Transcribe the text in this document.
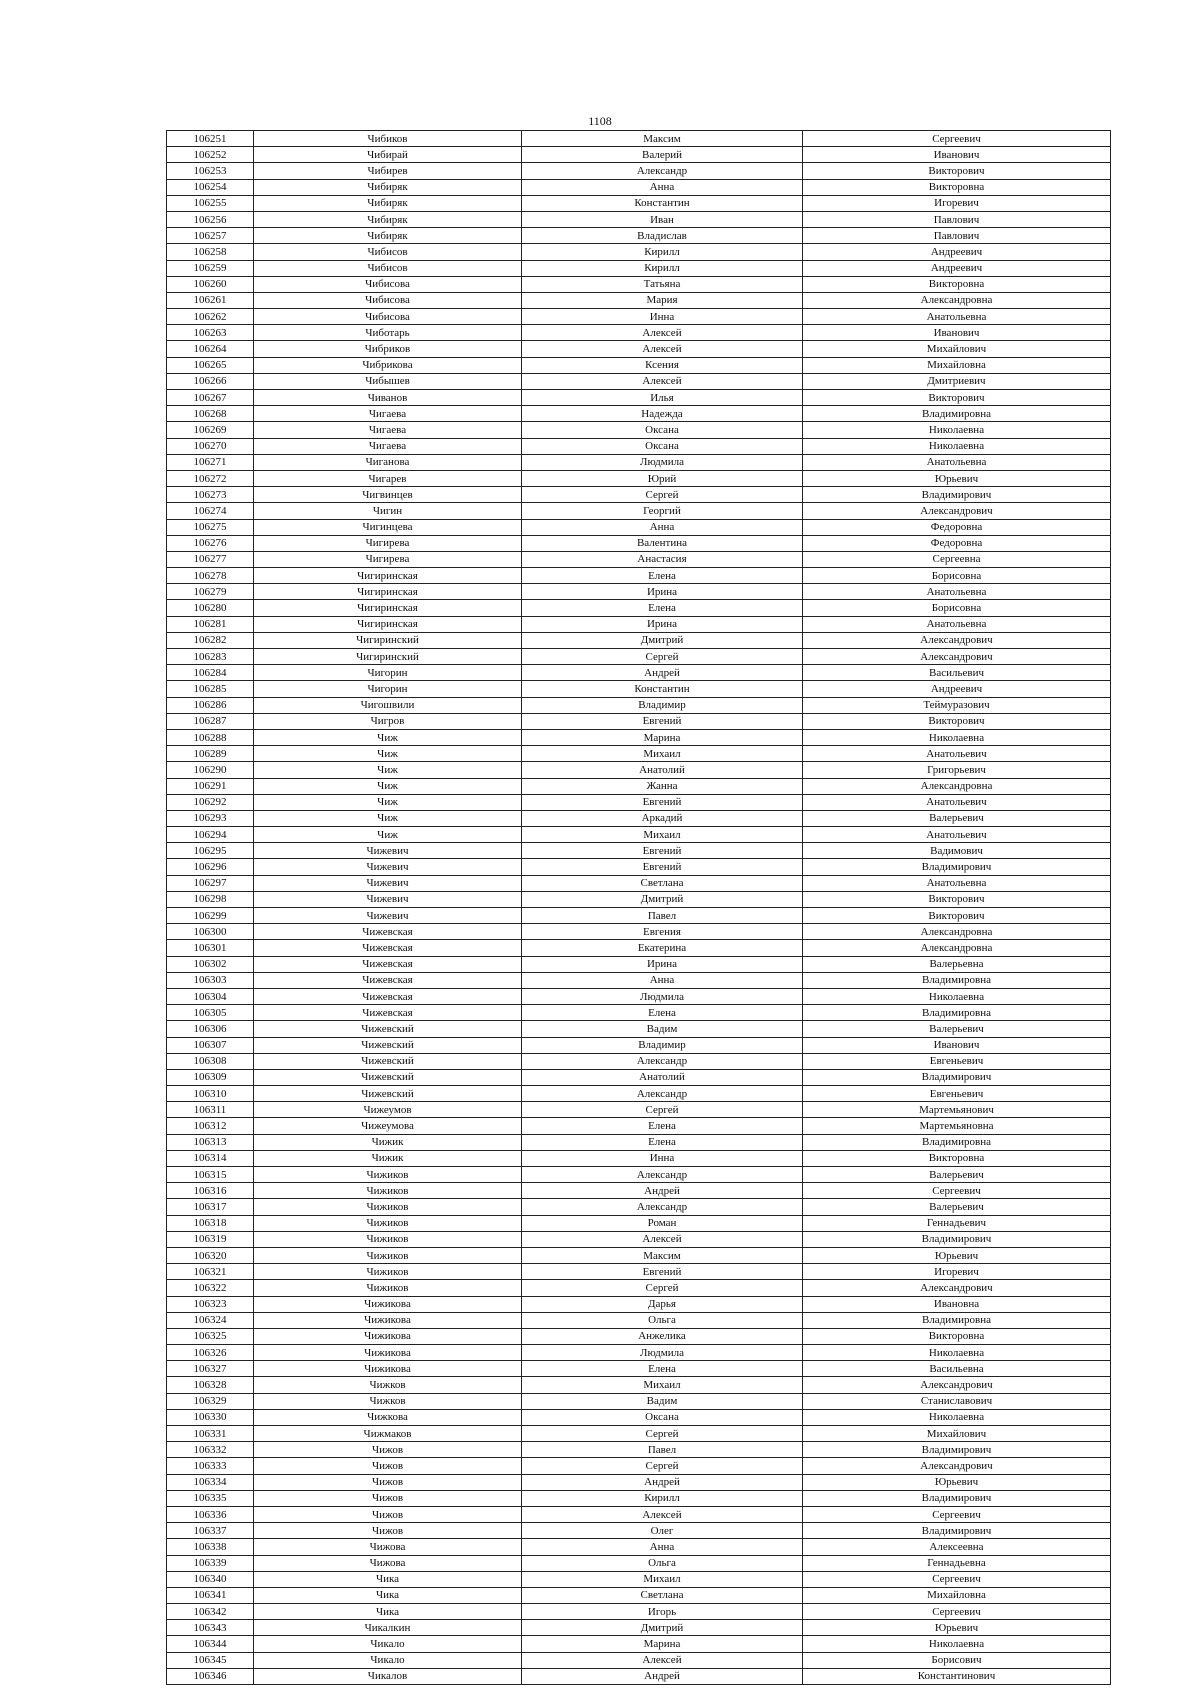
1108
106251	Чибиков	Максим	Сергеевич
106252	Чибирай	Валерий	Иванович
106253	Чибирев	Александр	Викторович
106254	Чибиряк	Анна	Викторовна
106255	Чибиряк	Константин	Игоревич
106256	Чибиряк	Иван	Павлович
106257	Чибиряк	Владислав	Павлович
106258	Чибисов	Кирилл	Андреевич
106259	Чибисов	Кирилл	Андреевич
106260	Чибисова	Татьяна	Викторовна
106261	Чибисова	Мария	Александровна
106262	Чибисова	Инна	Анатольевна
106263	Чиботарь	Алексей	Иванович
106264	Чибриков	Алексей	Михайлович
106265	Чибрикова	Ксения	Михайловна
106266	Чибышев	Алексей	Дмитриевич
106267	Чиванов	Илья	Викторович
106268	Чигаева	Надежда	Владимировна
106269	Чигаева	Оксана	Николаевна
106270	Чигаева	Оксана	Николаевна
106271	Чиганова	Людмила	Анатольевна
106272	Чигарев	Юрий	Юрьевич
106273	Чигвинцев	Сергей	Владимирович
106274	Чигин	Георгий	Александрович
106275	Чигинцева	Анна	Федоровна
106276	Чигирева	Валентина	Федоровна
106277	Чигирева	Анастасия	Сергеевна
106278	Чигиринская	Елена	Борисовна
106279	Чигиринская	Ирина	Анатольевна
106280	Чигиринская	Елена	Борисовна
106281	Чигиринская	Ирина	Анатольевна
106282	Чигиринский	Дмитрий	Александрович
106283	Чигиринский	Сергей	Александрович
106284	Чигорин	Андрей	Васильевич
106285	Чигорин	Константин	Андреевич
106286	Чигошвили	Владимир	Теймуразович
106287	Чигров	Евгений	Викторович
106288	Чиж	Марина	Николаевна
106289	Чиж	Михаил	Анатольевич
106290	Чиж	Анатолий	Григорьевич
106291	Чиж	Жанна	Александровна
106292	Чиж	Евгений	Анатольевич
106293	Чиж	Аркадий	Валерьевич
106294	Чиж	Михаил	Анатольевич
106295	Чижевич	Евгений	Вадимович
106296	Чижевич	Евгений	Владимирович
106297	Чижевич	Светлана	Анатольевна
106298	Чижевич	Дмитрий	Викторович
106299	Чижевич	Павел	Викторович
106300	Чижевская	Евгения	Александровна
106301	Чижевская	Екатерина	Александровна
106302	Чижевская	Ирина	Валерьевна
106303	Чижевская	Анна	Владимировна
106304	Чижевская	Людмила	Николаевна
106305	Чижевская	Елена	Владимировна
106306	Чижевский	Вадим	Валерьевич
106307	Чижевский	Владимир	Иванович
106308	Чижевский	Александр	Евгеньевич
106309	Чижевский	Анатолий	Владимирович
106310	Чижевский	Александр	Евгеньевич
106311	Чижеумов	Сергей	Мартемьянович
106312	Чижеумова	Елена	Мартемьяновна
106313	Чижик	Елена	Владимировна
106314	Чижик	Инна	Викторовна
106315	Чижиков	Александр	Валерьевич
106316	Чижиков	Андрей	Сергеевич
106317	Чижиков	Александр	Валерьевич
106318	Чижиков	Роман	Геннадьевич
106319	Чижиков	Алексей	Владимирович
106320	Чижиков	Максим	Юрьевич
106321	Чижиков	Евгений	Игоревич
106322	Чижиков	Сергей	Александрович
106323	Чижикова	Дарья	Ивановна
106324	Чижикова	Ольга	Владимировна
106325	Чижикова	Анжелика	Викторовна
106326	Чижикова	Людмила	Николаевна
106327	Чижикова	Елена	Васильевна
106328	Чижков	Михаил	Александрович
106329	Чижков	Вадим	Станиславович
106330	Чижкова	Оксана	Николаевна
106331	Чижмаков	Сергей	Михайлович
106332	Чижов	Павел	Владимирович
106333	Чижов	Сергей	Александрович
106334	Чижов	Андрей	Юрьевич
106335	Чижов	Кирилл	Владимирович
106336	Чижов	Алексей	Сергеевич
106337	Чижов	Олег	Владимирович
106338	Чижова	Анна	Алексеевна
106339	Чижова	Ольга	Геннадьевна
106340	Чика	Михаил	Сергеевич
106341	Чика	Светлана	Михайловна
106342	Чика	Игорь	Сергеевич
106343	Чикалкин	Дмитрий	Юрьевич
106344	Чикало	Марина	Николаевна
106345	Чикало	Алексей	Борисович
106346	Чикалов	Андрей	Константинович
